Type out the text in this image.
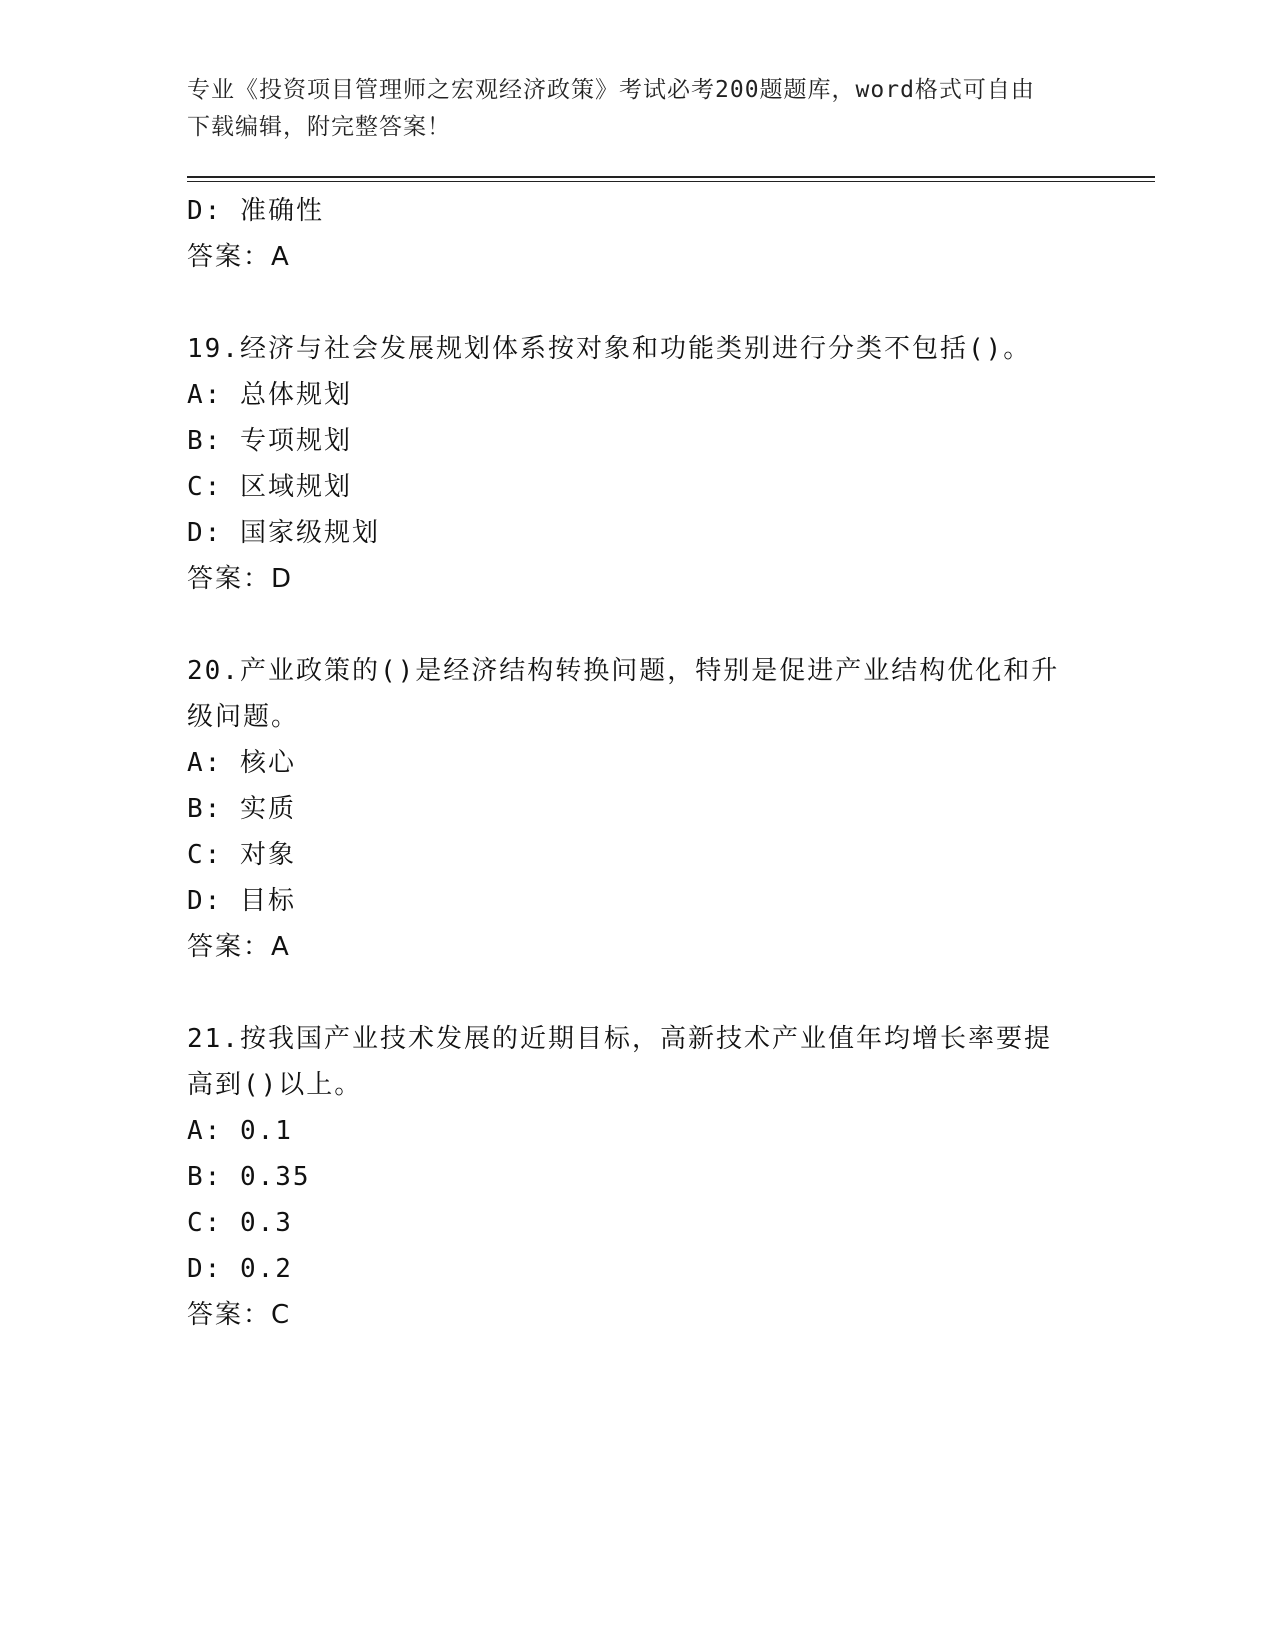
专业《投资项目管理师之宏观经济政策》考试必考200题题库，word格式可自由
下载编辑，附完整答案！
D: 准确性
答案：A
19.经济与社会发展规划体系按对象和功能类别进行分类不包括()。
A: 总体规划
B: 专项规划
C: 区域规划
D: 国家级规划
答案：D
20.产业政策的()是经济结构转换问题，特别是促进产业结构优化和升
级问题。
A: 核心
B: 实质
C: 对象
D: 目标
答案：A
21.按我国产业技术发展的近期目标，高新技术产业值年均增长率要提
高到()以上。
A: 0.1
B: 0.35
C: 0.3
D: 0.2
答案：C
